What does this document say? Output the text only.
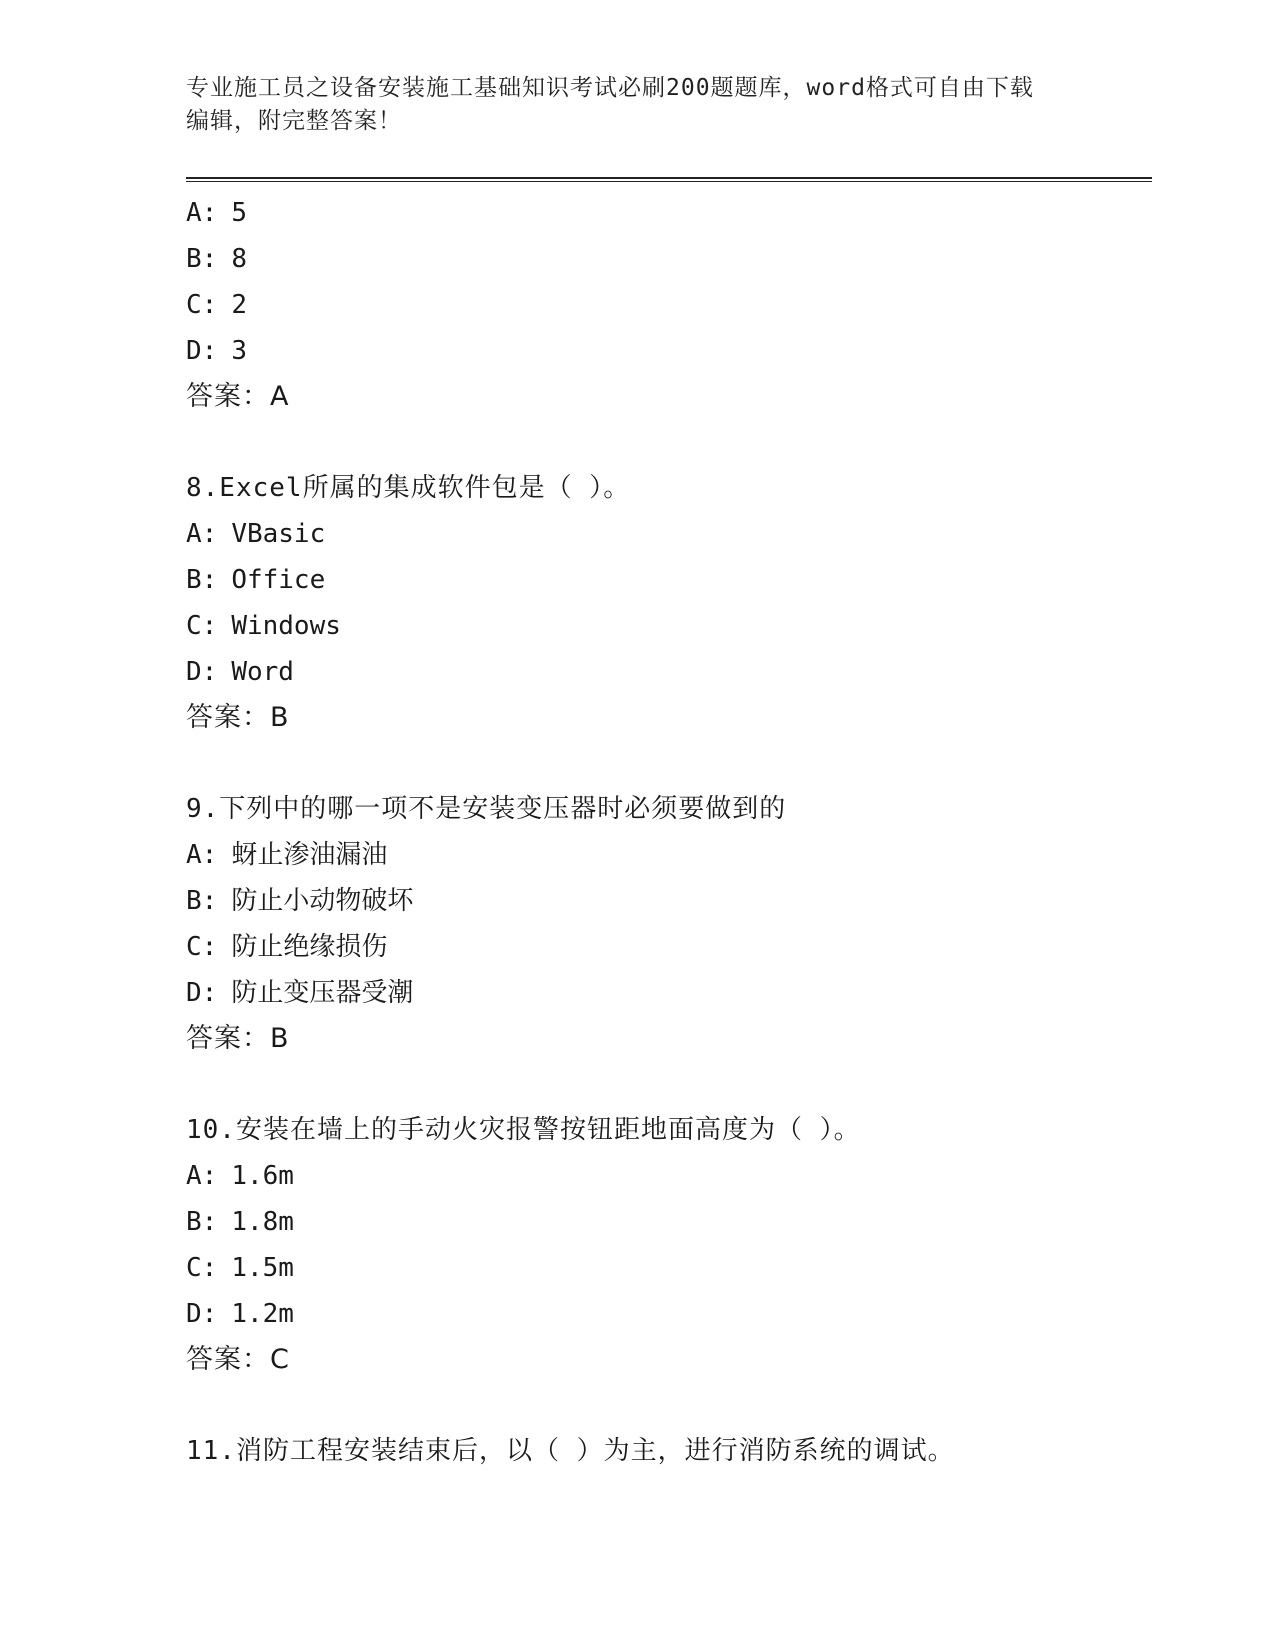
专业施工员之设备安装施工基础知识考试必刷200题题库，word格式可自由下载
编辑，附完整答案！
A: 5
B: 8
C: 2
D: 3
答案：A
8.Excel所属的集成软件包是（ ）。
A: VBasic
B: Office
C: Windows
D: Word
答案：B
9.下列中的哪一项不是安装变压器时必须要做到的
A: 蚜止渗油漏油
B: 防止小动物破坏
C: 防止绝缘损伤
D: 防止变压器受潮
答案：B
10.安装在墙上的手动火灾报警按钮距地面高度为（ ）。
A: 1.6m
B: 1.8m
C: 1.5m
D: 1.2m
答案：C
11.消防工程安装结束后，以（ ）为主，进行消防系统的调试。
